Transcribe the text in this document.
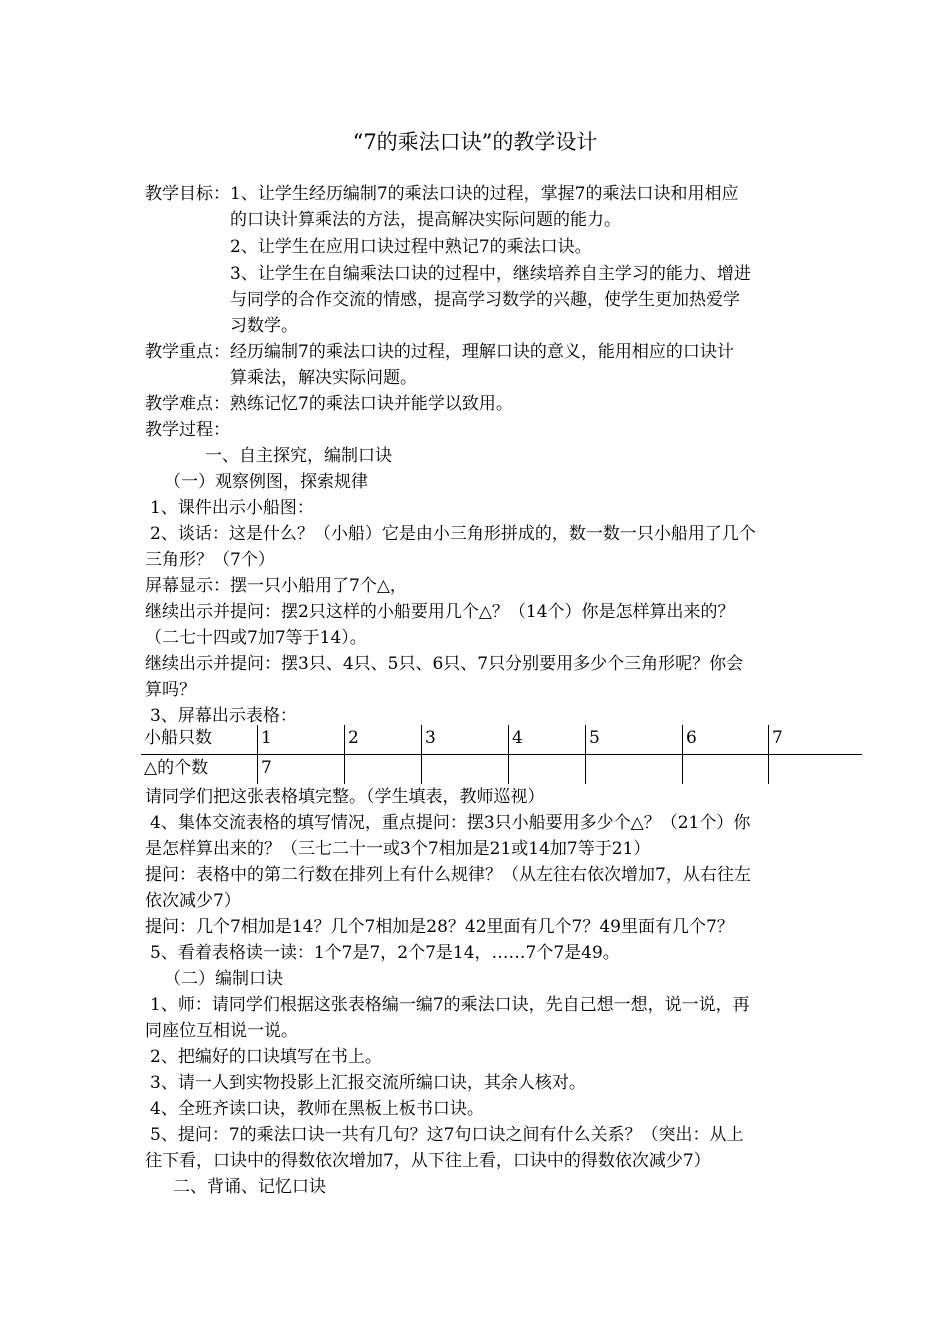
“7的乘法口诀”的教学设计
教学目标：1、让学生经历编制7的乘法口诀的过程，掌握7的乘法口诀和用相应
的口诀计算乘法的方法，提高解决实际问题的能力。
2、让学生在应用口诀过程中熟记7的乘法口诀。
3、让学生在自编乘法口诀的过程中，继续培养自主学习的能力、增进
与同学的合作交流的情感，提高学习数学的兴趣，使学生更加热爱学
习数学。
教学重点：经历编制7的乘法口诀的过程，理解口诀的意义，能用相应的口诀计
算乘法，解决实际问题。
教学难点：熟练记忆7的乘法口诀并能学以致用。
教学过程：
一、自主探究，编制口诀
（一）观察例图，探索规律
1、课件出示小船图：
2、谈话：这是什么？（小船）它是由小三角形拼成的，数一数一只小船用了几个
三角形？（7个）
屏幕显示：摆一只小船用了7个△，
继续出示并提问：摆2只这样的小船要用几个△？（14个）你是怎样算出来的？
（二七十四或7加7等于14）。
继续出示并提问：摆3只、4只、5只、6只、7只分别要用多少个三角形呢？你会
算吗？
3、屏幕出示表格：
小船只数	1	2	3	4	5	6	7
△的个数	7						
请同学们把这张表格填完整。（学生填表，教师巡视）
4、集体交流表格的填写情况，重点提问：摆3只小船要用多少个△？（21个）你
是怎样算出来的？（三七二十一或3个7相加是21或14加7等于21）
提问：表格中的第二行数在排列上有什么规律？（从左往右依次增加7，从右往左
依次减少7）
提问：几个7相加是14？几个7相加是28？42里面有几个7？49里面有几个7？
5、看着表格读一读：1个7是7，2个7是14，……7个7是49。
（二）编制口诀
1、师：请同学们根据这张表格编一编7的乘法口诀，先自己想一想，说一说，再
同座位互相说一说。
2、把编好的口诀填写在书上。
3、请一人到实物投影上汇报交流所编口诀，其余人核对。
4、全班齐读口诀，教师在黑板上板书口诀。
5、提问：7的乘法口诀一共有几句？这7句口诀之间有什么关系？（突出：从上
往下看，口诀中的得数依次增加7，从下往上看，口诀中的得数依次减少7）
二、背诵、记忆口诀
